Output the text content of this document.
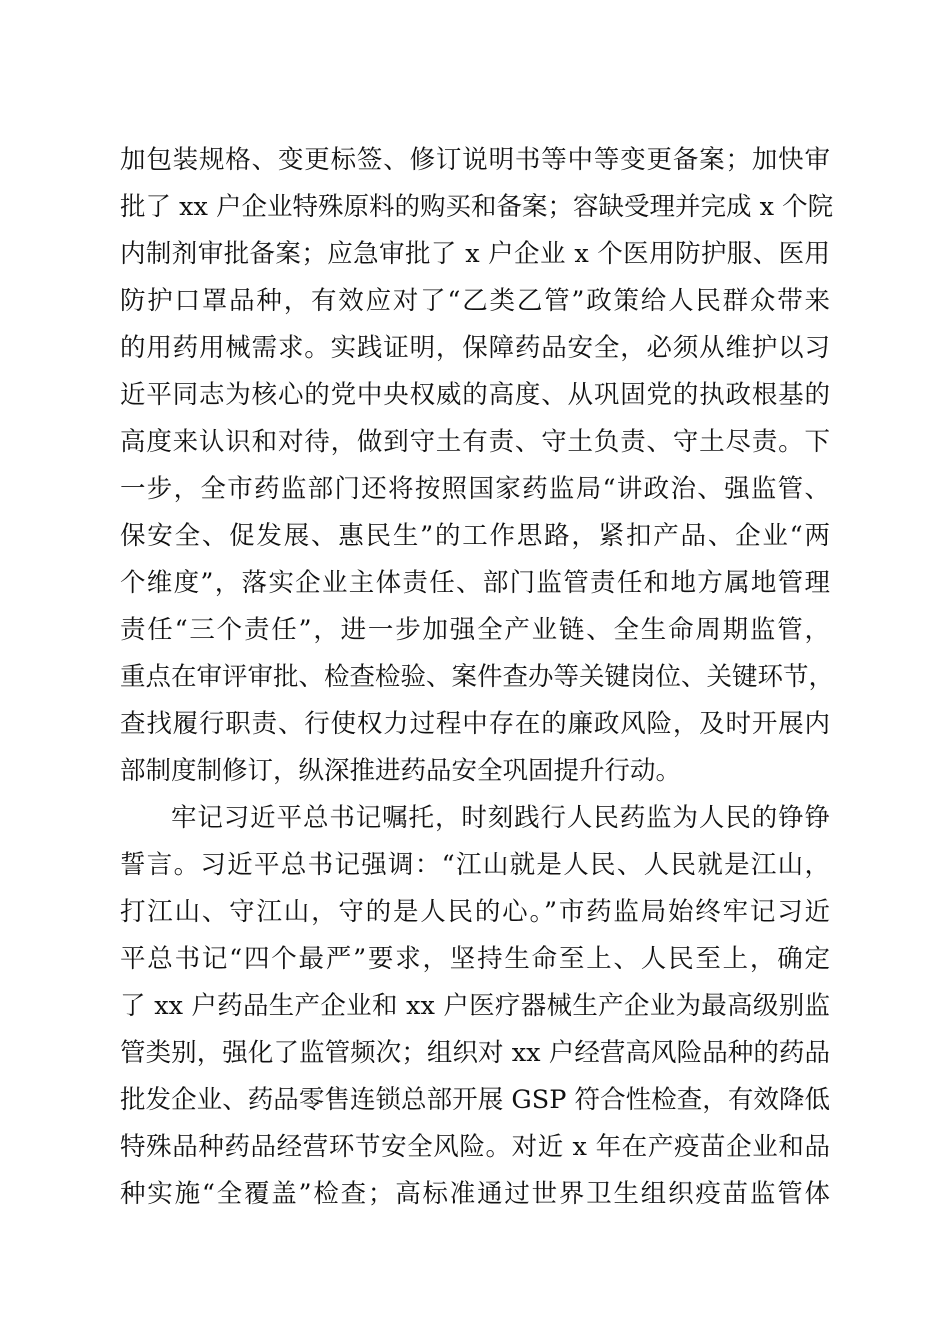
加包装规格、变更标签、修订说明书等中等变更备案；加快审
批了 xx 户企业特殊原料的购买和备案；容缺受理并完成 x 个院
内制剂审批备案；应急审批了 x 户企业 x 个医用防护服、医用
防护口罩品种，有效应对了“乙类乙管”政策给人民群众带来
的用药用械需求。实践证明，保障药品安全，必须从维护以习
近平同志为核心的党中央权威的高度、从巩固党的执政根基的
高度来认识和对待，做到守土有责、守土负责、守土尽责。下
一步，全市药监部门还将按照国家药监局“讲政治、强监管、
保安全、促发展、惠民生”的工作思路，紧扣产品、企业“两
个维度”，落实企业主体责任、部门监管责任和地方属地管理
责任“三个责任”，进一步加强全产业链、全生命周期监管，
重点在审评审批、检查检验、案件查办等关键岗位、关键环节，
查找履行职责、行使权力过程中存在的廉政风险，及时开展内
部制度制修订，纵深推进药品安全巩固提升行动。
牢记习近平总书记嘱托，时刻践行人民药监为人民的铮铮
誓言。习近平总书记强调：“江山就是人民、人民就是江山，
打江山、守江山，守的是人民的心。”市药监局始终牢记习近
平总书记“四个最严”要求，坚持生命至上、人民至上，确定
了 xx 户药品生产企业和 xx 户医疗器械生产企业为最高级别监
管类别，强化了监管频次；组织对 xx 户经营高风险品种的药品
批发企业、药品零售连锁总部开展 GSP 符合性检查，有效降低
特殊品种药品经营环节安全风险。对近 x 年在产疫苗企业和品
种实施“全覆盖”检查；高标准通过世界卫生组织疫苗监管体
